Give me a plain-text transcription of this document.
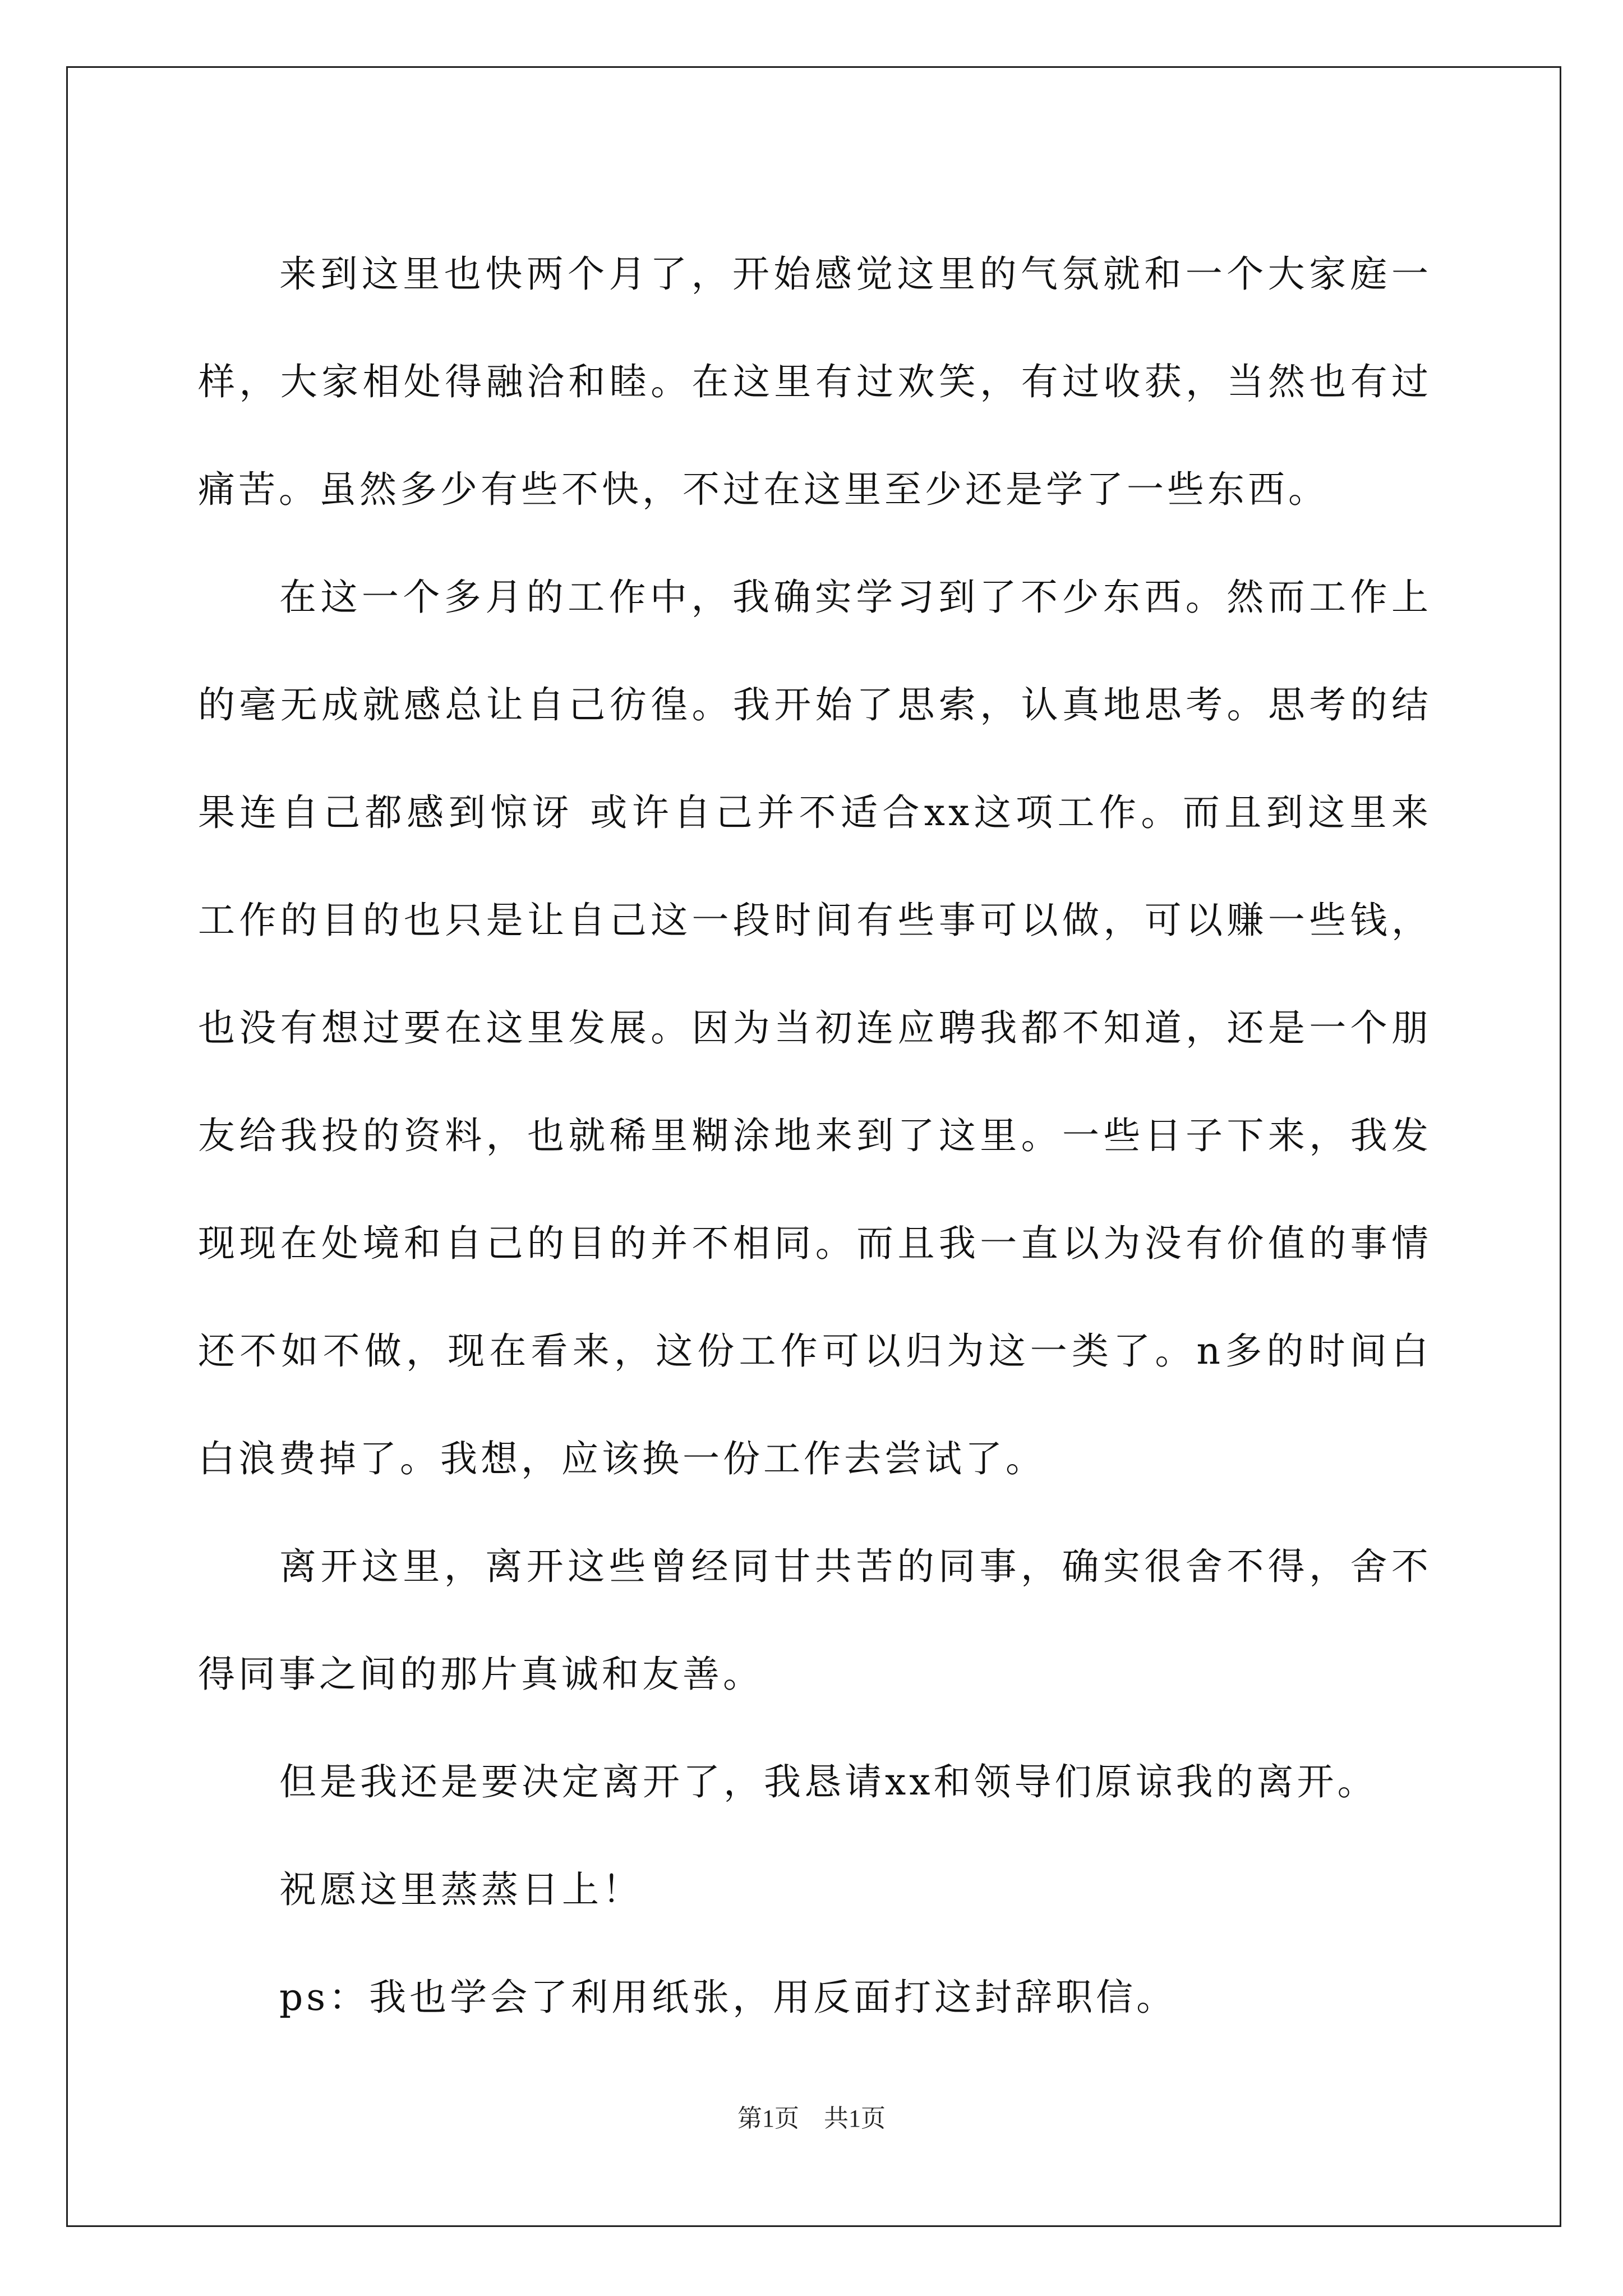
来到这里也快两个月了，开始感觉这里的气氛就和一个大家庭一样，大家相处得融洽和睦。在这里有过欢笑，有过收获，当然也有过痛苦。虽然多少有些不快，不过在这里至少还是学了一些东西。

在这一个多月的工作中，我确实学习到了不少东西。然而工作上的毫无成就感总让自己彷徨。我开始了思索，认真地思考。思考的结果连自己都感到惊讶 或许自己并不适合xx这项工作。而且到这里来工作的目的也只是让自己这一段时间有些事可以做，可以赚一些钱，也没有想过要在这里发展。因为当初连应聘我都不知道，还是一个朋友给我投的资料，也就稀里糊涂地来到了这里。一些日子下来，我发现现在处境和自己的目的并不相同。而且我一直以为没有价值的事情还不如不做，现在看来，这份工作可以归为这一类了。n多的时间白白浪费掉了。我想，应该换一份工作去尝试了。

离开这里，离开这些曾经同甘共苦的同事，确实很舍不得，舍不得同事之间的那片真诚和友善。

但是我还是要决定离开了，我恳请xx和领导们原谅我的离开。

祝愿这里蒸蒸日上！

ps：我也学会了利用纸张，用反面打这封辞职信。

第1页　共1页
